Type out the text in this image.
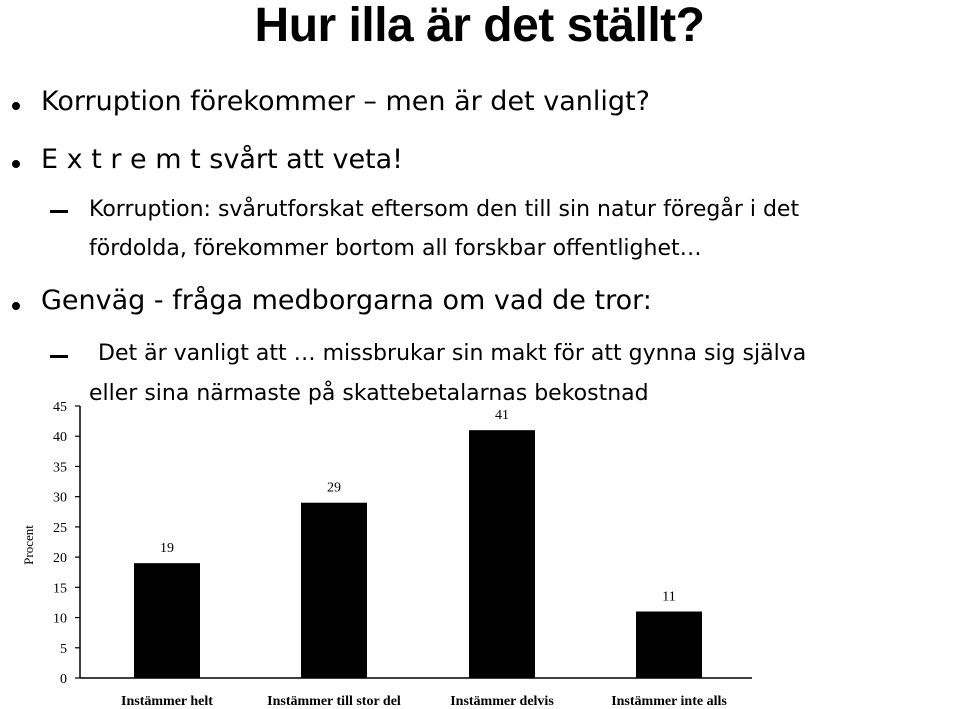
Hur illa är det ställt?
Korruption förekommer – men är det vanligt?
E x t r e m t svårt att veta!
Korruption: svårutforskat eftersom den till sin natur föregår i det
fördolda, förekommer bortom all forskbar offentlighet…
Genväg - fråga medborgarna om vad de tror:
Det är vanligt att … missbrukar sin makt för att gynna sig själva
eller sina närmaste på skattebetalarnas bekostnad
Procent
0
5
10
15
20
25
30
35
40
45
19
Instämmer helt
29
Instämmer till stor del
41
Instämmer delvis
11
Instämmer inte alls
